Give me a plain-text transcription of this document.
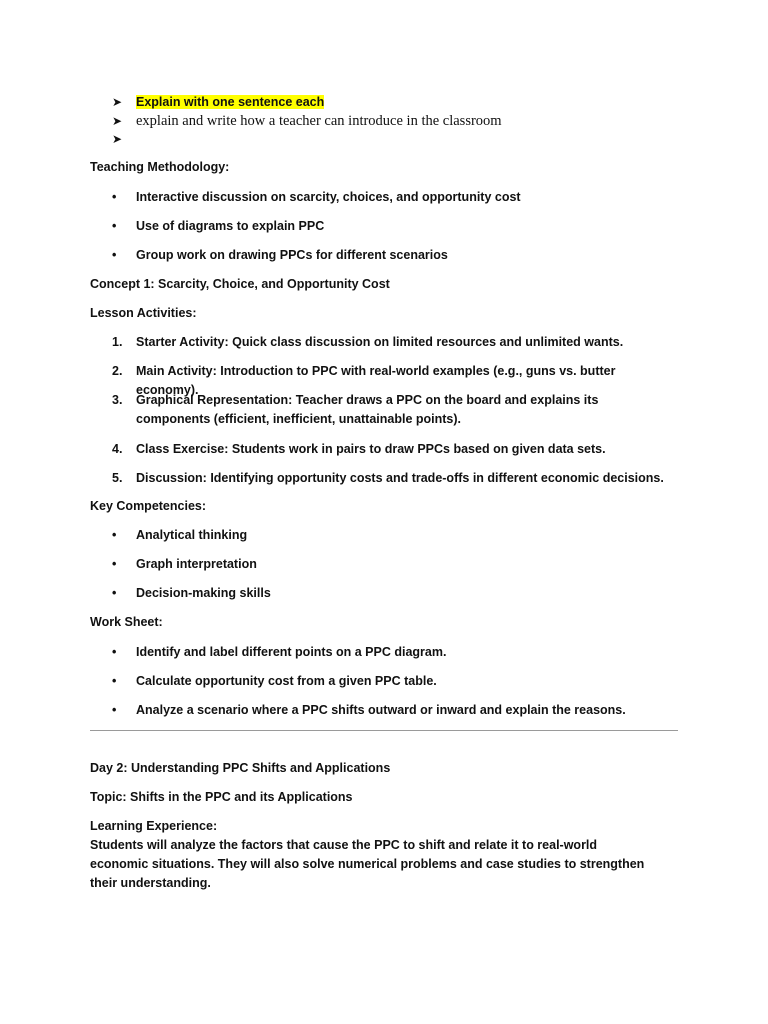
➤ Explain with one sentence each
➤ explain and write how a teacher can introduce in the classroom
➤
Teaching Methodology:
•	Interactive discussion on scarcity, choices, and opportunity cost
•	Use of diagrams to explain PPC
•	Group work on drawing PPCs for different scenarios
Concept 1: Scarcity, Choice, and Opportunity Cost
Lesson Activities:
1.	Starter Activity: Quick class discussion on limited resources and unlimited wants.
2.	Main Activity: Introduction to PPC with real-world examples (e.g., guns vs. butter economy).
3.	Graphical Representation: Teacher draws a PPC on the board and explains its components (efficient, inefficient, unattainable points).
4.	Class Exercise: Students work in pairs to draw PPCs based on given data sets.
5.	Discussion: Identifying opportunity costs and trade-offs in different economic decisions.
Key Competencies:
•	Analytical thinking
•	Graph interpretation
•	Decision-making skills
Work Sheet:
•	Identify and label different points on a PPC diagram.
•	Calculate opportunity cost from a given PPC table.
•	Analyze a scenario where a PPC shifts outward or inward and explain the reasons.
Day 2: Understanding PPC Shifts and Applications
Topic: Shifts in the PPC and its Applications
Learning Experience:
Students will analyze the factors that cause the PPC to shift and relate it to real-world economic situations. They will also solve numerical problems and case studies to strengthen their understanding.
